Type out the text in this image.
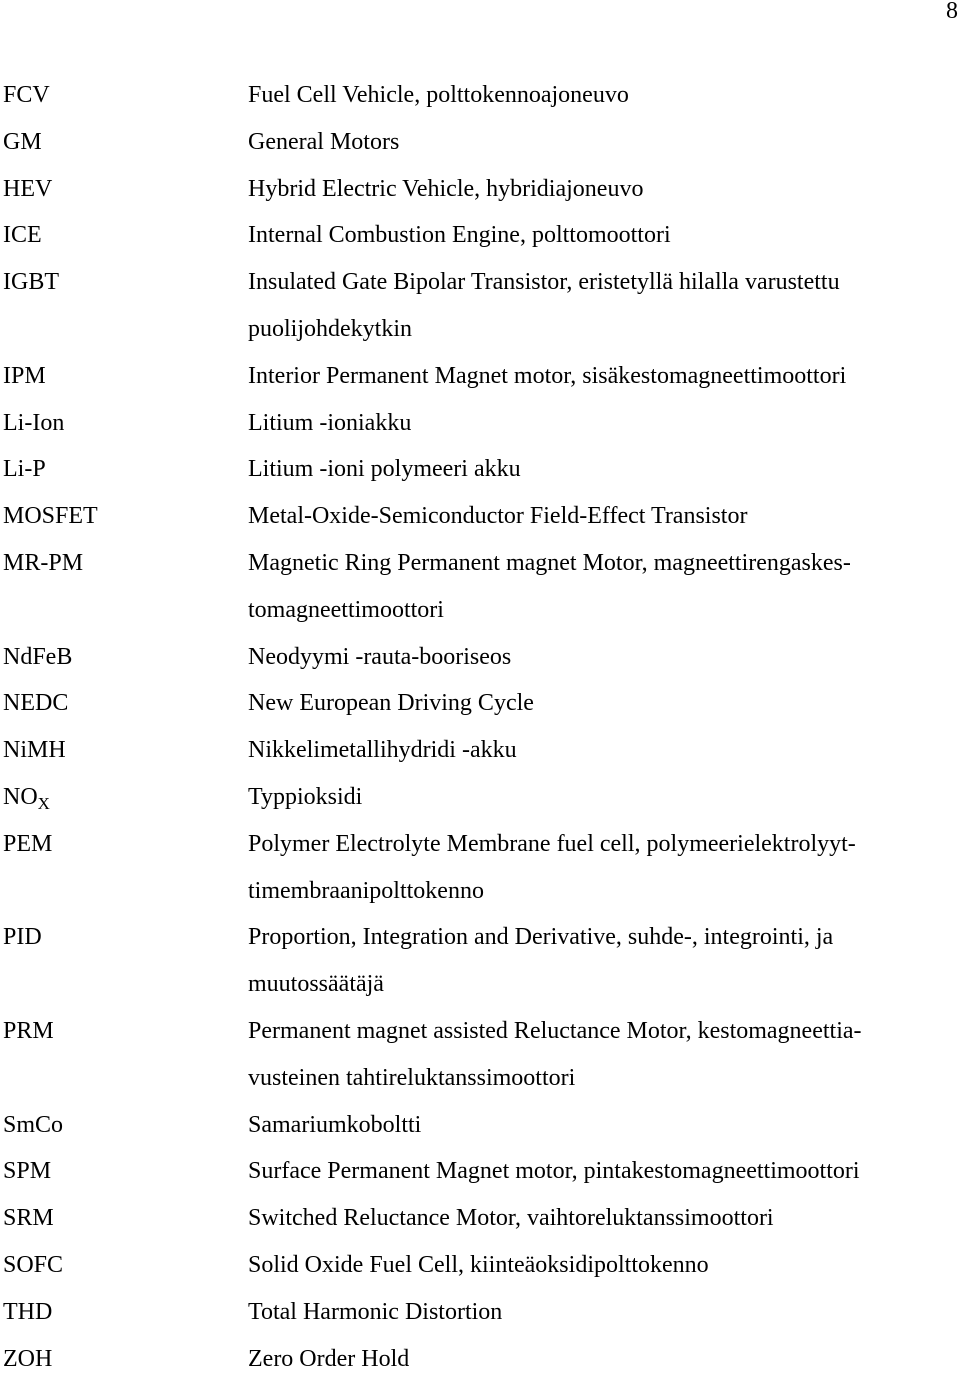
8
FCV	Fuel Cell Vehicle, polttokennoajoneuvo
GM	General Motors
HEV	Hybrid Electric Vehicle, hybridiajoneuvo
ICE	Internal Combustion Engine, polttomoottori
IGBT	Insulated Gate Bipolar Transistor, eristetyllä hilalla varustettu
puolijohdekytkin
IPM	Interior Permanent Magnet motor, sisäkestomagneettimoottori
Li-Ion	Litium -ioniakku
Li-P	Litium -ioni polymeeri akku
MOSFET	Metal-Oxide-Semiconductor Field-Effect Transistor
MR-PM	Magnetic Ring Permanent magnet Motor, magneettirengaskes-
tomagneettimoottori
NdFeB	Neodyymi -rauta-booriseos
NEDC	New European Driving Cycle
NiMH	Nikkelimetallihydridi -akku
$NO_X$	Typpioksidi
PEM	Polymer Electrolyte Membrane fuel cell, polymeerielektrolyyt-
timembraanipolttokenno
PID	Proportion, Integration and Derivative, suhde-, integrointi, ja
muutossäätäjä
PRM	Permanent magnet assisted Reluctance Motor, kestomagneettia-
vusteinen tahtireluktanssimoottori
SmCo	Samariumkoboltti
SPM	Surface Permanent Magnet motor, pintakestomagneettimoottori
SRM	Switched Reluctance Motor, vaihtoreluktanssimoottori
SOFC	Solid Oxide Fuel Cell, kiinteäoksidipolttokenno
THD	Total Harmonic Distortion
ZOH	Zero Order Hold
